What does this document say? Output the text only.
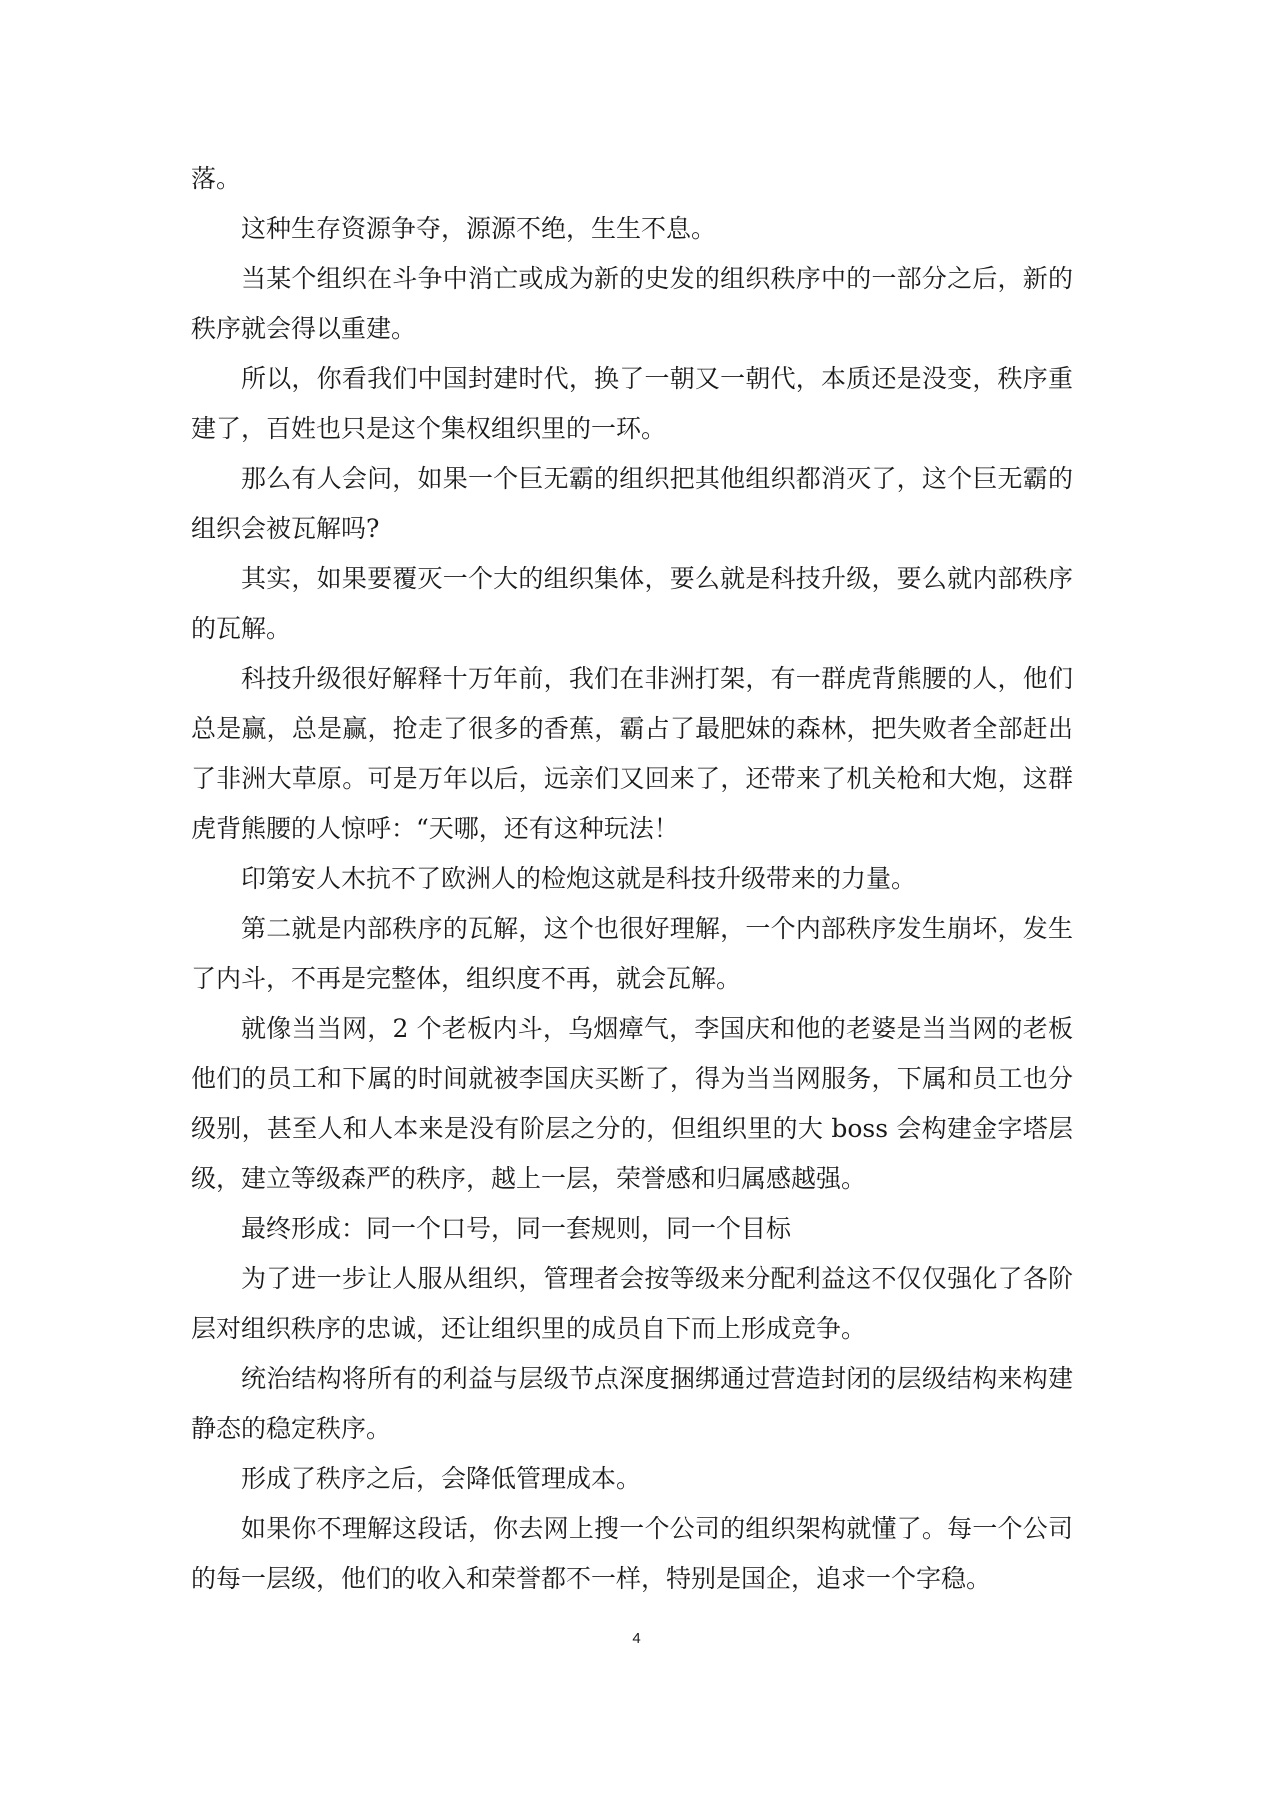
落。

这种生存资源争夺，源源不绝，生生不息。

当某个组织在斗争中消亡或成为新的史发的组织秩序中的一部分之后，新的秩序就会得以重建。

所以，你看我们中国封建时代，换了一朝又一朝代，本质还是没变，秩序重建了，百姓也只是这个集权组织里的一环。

那么有人会问，如果一个巨无霸的组织把其他组织都消灭了，这个巨无霸的组织会被瓦解吗?

其实，如果要覆灭一个大的组织集体，要么就是科技升级，要么就内部秩序的瓦解。

科技升级很好解释十万年前，我们在非洲打架，有一群虎背熊腰的人，他们总是赢，总是赢，抢走了很多的香蕉，霸占了最肥妹的森林，把失败者全部赶出了非洲大草原。可是万年以后，远亲们又回来了，还带来了机关枪和大炮，这群虎背熊腰的人惊呼：“天哪，还有这种玩法！

印第安人木抗不了欧洲人的检炮这就是科技升级带来的力量。

第二就是内部秩序的瓦解，这个也很好理解，一个内部秩序发生崩坏，发生了内斗，不再是完整体，组织度不再，就会瓦解。

就像当当网，2 个老板内斗，乌烟瘴气，李国庆和他的老婆是当当网的老板他们的员工和下属的时间就被李国庆买断了，得为当当网服务，下属和员工也分级别，甚至人和人本来是没有阶层之分的，但组织里的大 boss 会构建金字塔层级，建立等级森严的秩序，越上一层，荣誉感和归属感越强。

最终形成：同一个口号，同一套规则，同一个目标

为了进一步让人服从组织，管理者会按等级来分配利益这不仅仅强化了各阶层对组织秩序的忠诚，还让组织里的成员自下而上形成竞争。

统治结构将所有的利益与层级节点深度捆绑通过营造封闭的层级结构来构建静态的稳定秩序。

形成了秩序之后，会降低管理成本。

如果你不理解这段话，你去网上搜一个公司的组织架构就懂了。每一个公司的每一层级，他们的收入和荣誉都不一样，特别是国企，追求一个字稳。

4
